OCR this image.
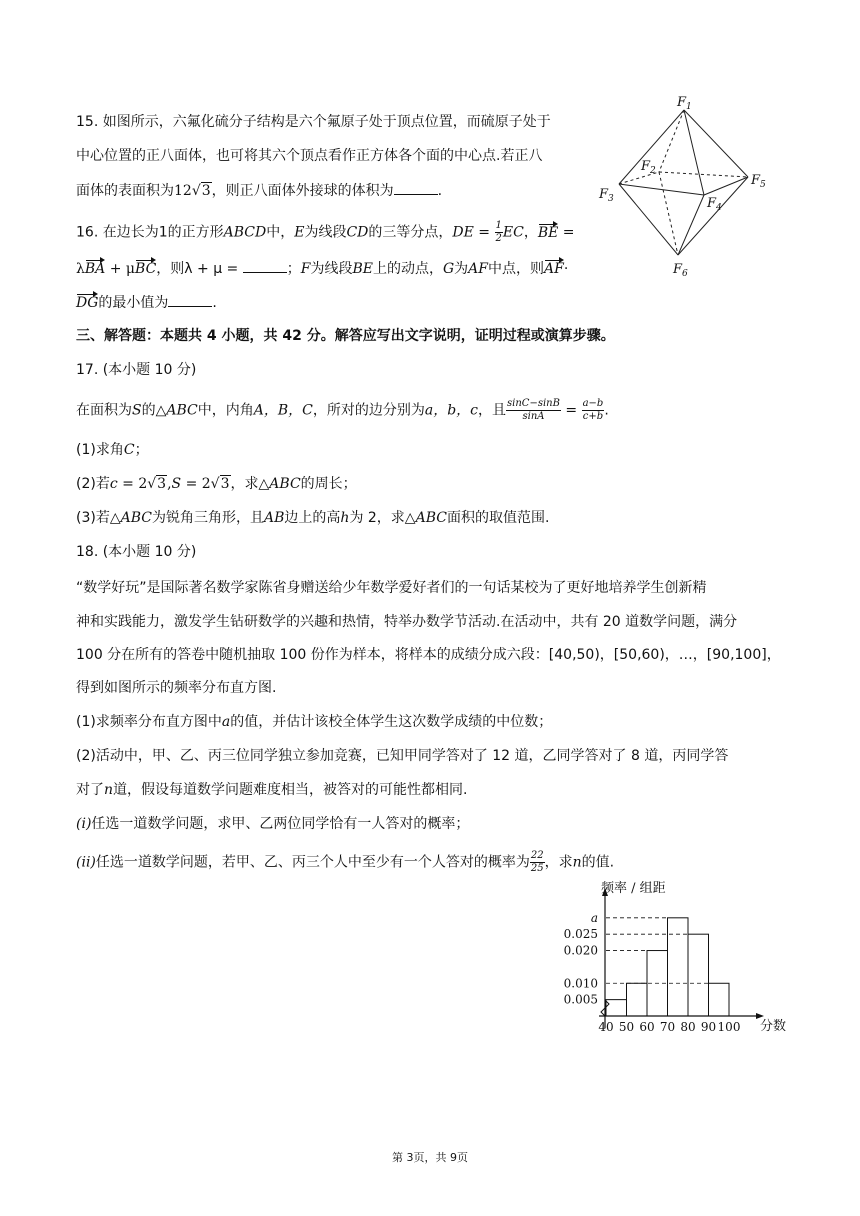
15. 如图所示，六氟化硫分子结构是六个氟原子处于顶点位置，而硫原子处于
中心位置的正八面体，也可将其六个顶点看作正方体各个面的中心点.若正八
面体的表面积为12√3，则正八面体外接球的体积为	.
16. 在边长为1的正方形ABCD中，E为线段CD的三等分点，DE = $\frac{1}{2}$ EC，BE =
λBA + μBC，则λ + μ =	；F为线段BE上的动点，G为AF中点，则AF·
DG的最小值为	.
三、解答题：本题共 4 小题，共 42 分。解答应写出文字说明，证明过程或演算步骤。
17. (本小题 10 分)
在面积为S的△ABC中，内角A，B，C，所对的边分别为a，b，c，且 $\frac{\sin C-\sin B}{\sin A} = \frac{a-b}{c+b}$ .
(1)求角C；
(2)若c = 2√3,S = 2√3，求△ABC的周长；
(3)若△ABC为锐角三角形，且AB边上的高h为 2，求△ABC面积的取值范围.
18. (本小题 10 分)
“数学好玩”是国际著名数学家陈省身赠送给少年数学爱好者们的一句话某校为了更好地培养学生创新精
神和实践能力，激发学生钻研数学的兴趣和热情，特举办数学节活动.在活动中，共有 20 道数学问题，满分
100 分在所有的答卷中随机抽取 100 份作为样本，将样本的成绩分成六段：[40,50)，[50,60)，…，[90,100]，
得到如图所示的频率分布直方图.
(1)求频率分布直方图中a的值，并估计该校全体学生这次数学成绩的中位数；
(2)活动中，甲、乙、丙三位同学独立参加竞赛，已知甲同学答对了 12 道，乙同学答对了 8 道，丙同学答
对了n道，假设每道数学问题难度相当，被答对的可能性都相同.
(i)任选一道数学问题，求甲、乙两位同学恰有一人答对的概率；
(ii)任选一道数学问题，若甲、乙、丙三个人中至少有一个人答对的概率为 $\frac{22}{25}$ ，求n的值.
$F_1$
$F_2$
$F_3$	$F_4$
$F_5$
$F_6$
频率 / 组距
分数
a
0.025
0.020
0.010
0.005
40 50 60 70 80 90 100
第 3页，共 9页
